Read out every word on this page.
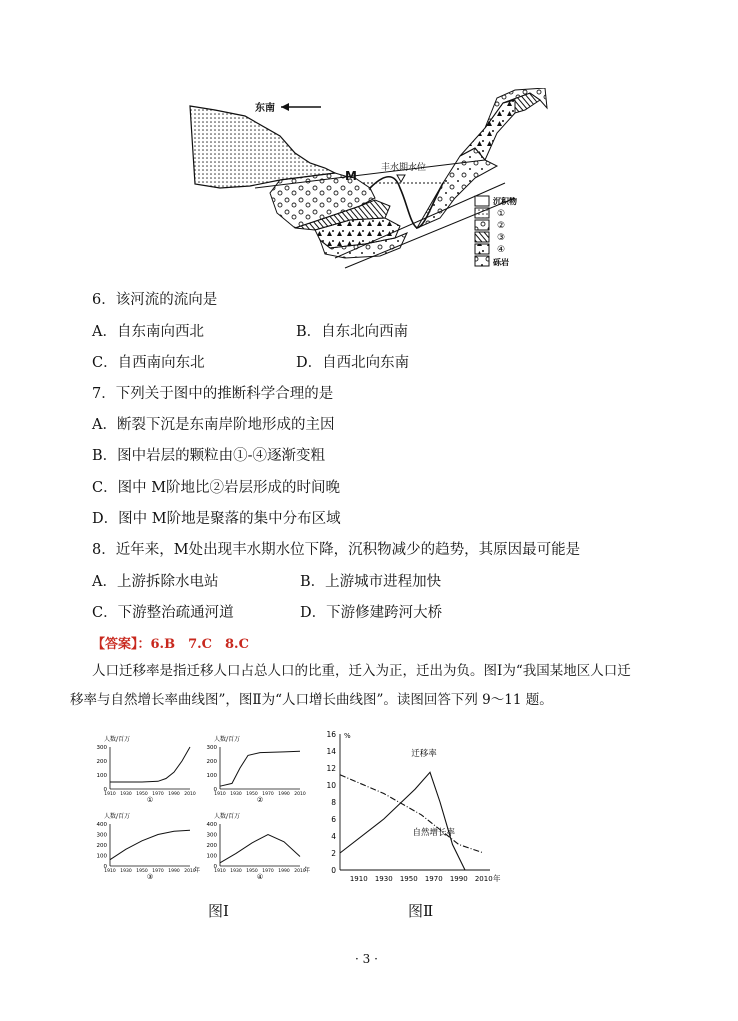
丰水期水位
M
东南
沉积物
①
②
③
④
砾岩
6．该河流的流向是
A．自东南向西北	B．自东北向西南
C．自西南向东北	D．自西北向东南
7．下列关于图中的推断科学合理的是
A．断裂下沉是东南岸阶地形成的主因
B．图中岩层的颗粒由①-④逐渐变粗
C．图中 M阶地比②岩层形成的时间晚
D．图中 M阶地是聚落的集中分布区域
8．近年来，M处出现丰水期水位下降，沉积物减少的趋势，其原因最可能是
A．上游拆除水电站	B．上游城市进程加快
C．下游整治疏通河道	D．下游修建跨河大桥
【答案】：6.B　7.C　8.C
人口迁移率是指迁移人口占总人口的比重，迁入为正，迁出为负。图Ⅰ为“我国某地区人口迁
移率与自然增长率曲线图”，图Ⅱ为“人口增长曲线图”。读图回答下列 9～11 题。
人数/百万
0
100
200
300
1910 1930 1950 1970 1990 2010
①
人数/百万
0
100
200
300
1910 1930 1950 1970 1990 2010
②
人数/百万
0
100
200
300
400
1910 1930 1950 1970 1990 2010
年
③
人数/百万
0
100
200
300
400
1910 1930 1950 1970 1990 2010
年
④
%
0
2
4
6
8
10
12
14
16
1910 1930 1950 1970 1990 2010 年
迁移率
自然增长率
图Ⅰ	图Ⅱ
· 3 ·
